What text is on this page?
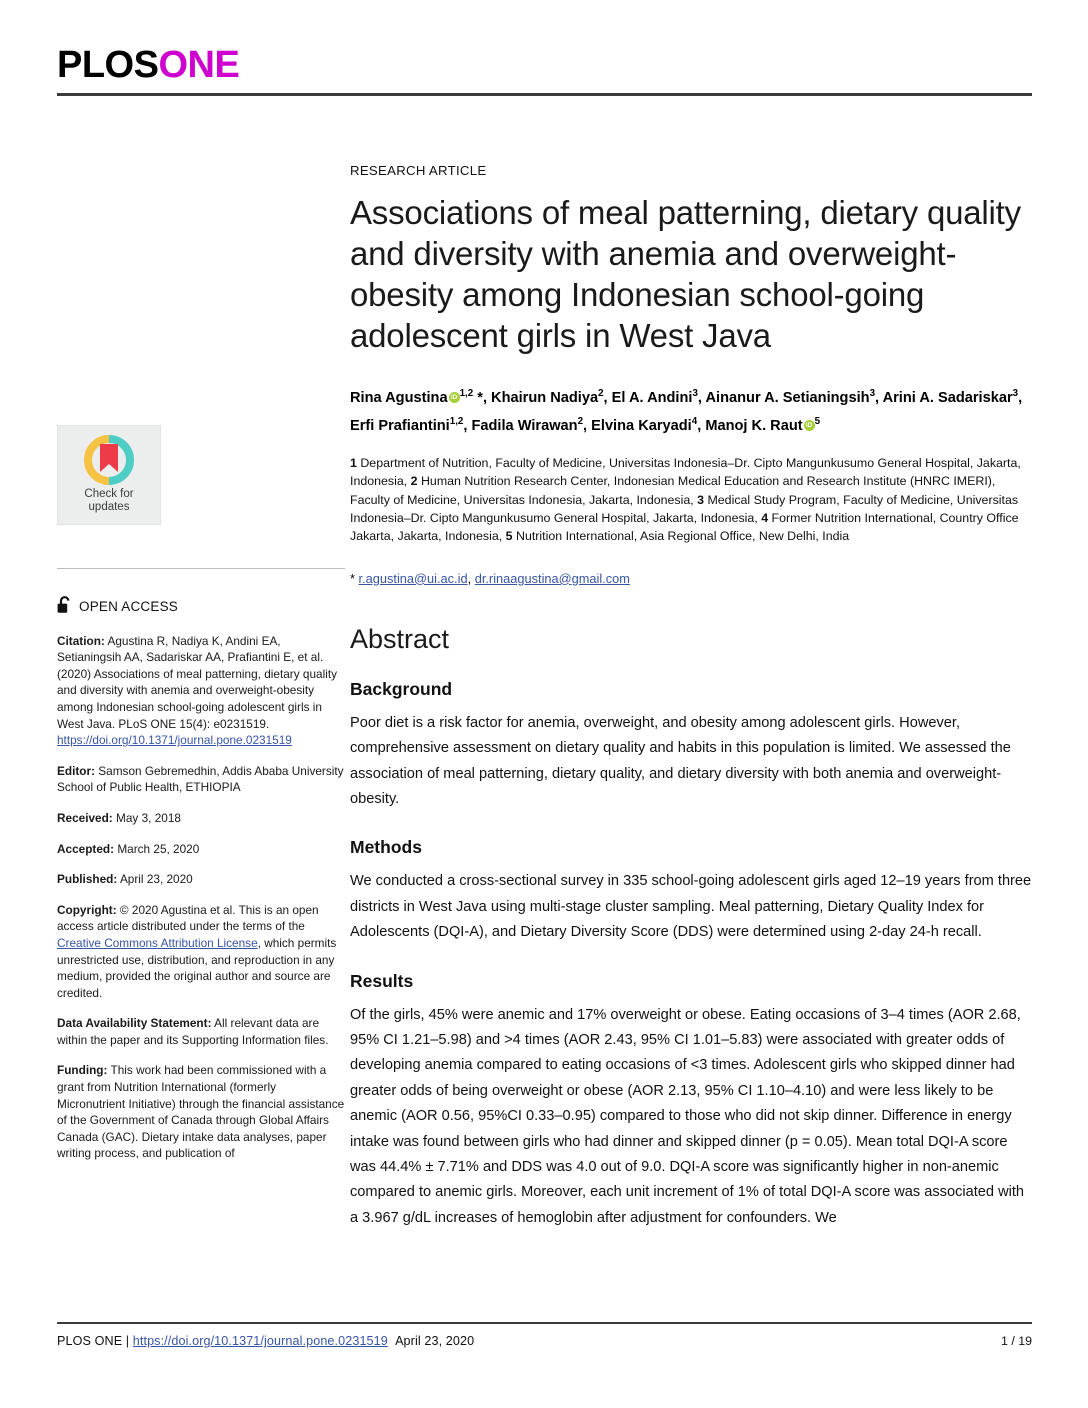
PLOSONE
Check for
updates
OPEN ACCESS
Citation: Agustina R, Nadiya K, Andini EA, Setianingsih AA, Sadariskar AA, Prafiantini E, et al. (2020) Associations of meal patterning, dietary quality and diversity with anemia and overweight-obesity among Indonesian school-going adolescent girls in West Java. PLoS ONE 15(4): e0231519. https://doi.org/10.1371/journal.pone.0231519
Editor: Samson Gebremedhin, Addis Ababa University School of Public Health, ETHIOPIA
Received: May 3, 2018
Accepted: March 25, 2020
Published: April 23, 2020
Copyright: © 2020 Agustina et al. This is an open access article distributed under the terms of the Creative Commons Attribution License, which permits unrestricted use, distribution, and reproduction in any medium, provided the original author and source are credited.
Data Availability Statement: All relevant data are within the paper and its Supporting Information files.
Funding: This work had been commissioned with a grant from Nutrition International (formerly Micronutrient Initiative) through the financial assistance of the Government of Canada through Global Affairs Canada (GAC). Dietary intake data analyses, paper writing process, and publication of
RESEARCH ARTICLE
Associations of meal patterning, dietary quality and diversity with anemia and overweight-obesity among Indonesian school-going adolescent girls in West Java
Rina Agustina iD $^{1,2}$ *, Khairun Nadiya$^2$, El A. Andini$^3$, Ainanur A. Setianingsih$^3$, Arini A. Sadariskar$^3$, Erfi Prafiantini$^{1,2}$, Fadila Wirawan$^2$, Elvina Karyadi$^4$, Manoj K. Raut iD $^5$
1 Department of Nutrition, Faculty of Medicine, Universitas Indonesia–Dr. Cipto Mangunkusumo General Hospital, Jakarta, Indonesia, 2 Human Nutrition Research Center, Indonesian Medical Education and Research Institute (HNRC IMERI), Faculty of Medicine, Universitas Indonesia, Jakarta, Indonesia, 3 Medical Study Program, Faculty of Medicine, Universitas Indonesia–Dr. Cipto Mangunkusumo General Hospital, Jakarta, Indonesia, 4 Former Nutrition International, Country Office Jakarta, Jakarta, Indonesia, 5 Nutrition International, Asia Regional Office, New Delhi, India
* r.agustina@ui.ac.id, dr.rinaagustina@gmail.com
Abstract
Background

Poor diet is a risk factor for anemia, overweight, and obesity among adolescent girls. However, comprehensive assessment on dietary quality and habits in this population is limited. We assessed the association of meal patterning, dietary quality, and dietary diversity with both anemia and overweight-obesity.

Methods

We conducted a cross-sectional survey in 335 school-going adolescent girls aged 12–19 years from three districts in West Java using multi-stage cluster sampling. Meal patterning, Dietary Quality Index for Adolescents (DQI-A), and Dietary Diversity Score (DDS) were determined using 2-day 24-h recall.

Results

Of the girls, 45% were anemic and 17% overweight or obese. Eating occasions of 3–4 times (AOR 2.68, 95% CI 1.21–5.98) and >4 times (AOR 2.43, 95% CI 1.01–5.83) were associated with greater odds of developing anemia compared to eating occasions of <3 times. Adolescent girls who skipped dinner had greater odds of being overweight or obese (AOR 2.13, 95% CI 1.10–4.10) and were less likely to be anemic (AOR 0.56, 95%CI 0.33–0.95) compared to those who did not skip dinner. Difference in energy intake was found between girls who had dinner and skipped dinner (p = 0.05). Mean total DQI-A score was 44.4% ± 7.71% and DDS was 4.0 out of 9.0. DQI-A score was significantly higher in non-anemic compared to anemic girls. Moreover, each unit increment of 1% of total DQI-A score was associated with a 3.967 g/dL increases of hemoglobin after adjustment for confounders. We

PLOS ONE | https://doi.org/10.1371/journal.pone.0231519 April 23, 2020	1 / 19
